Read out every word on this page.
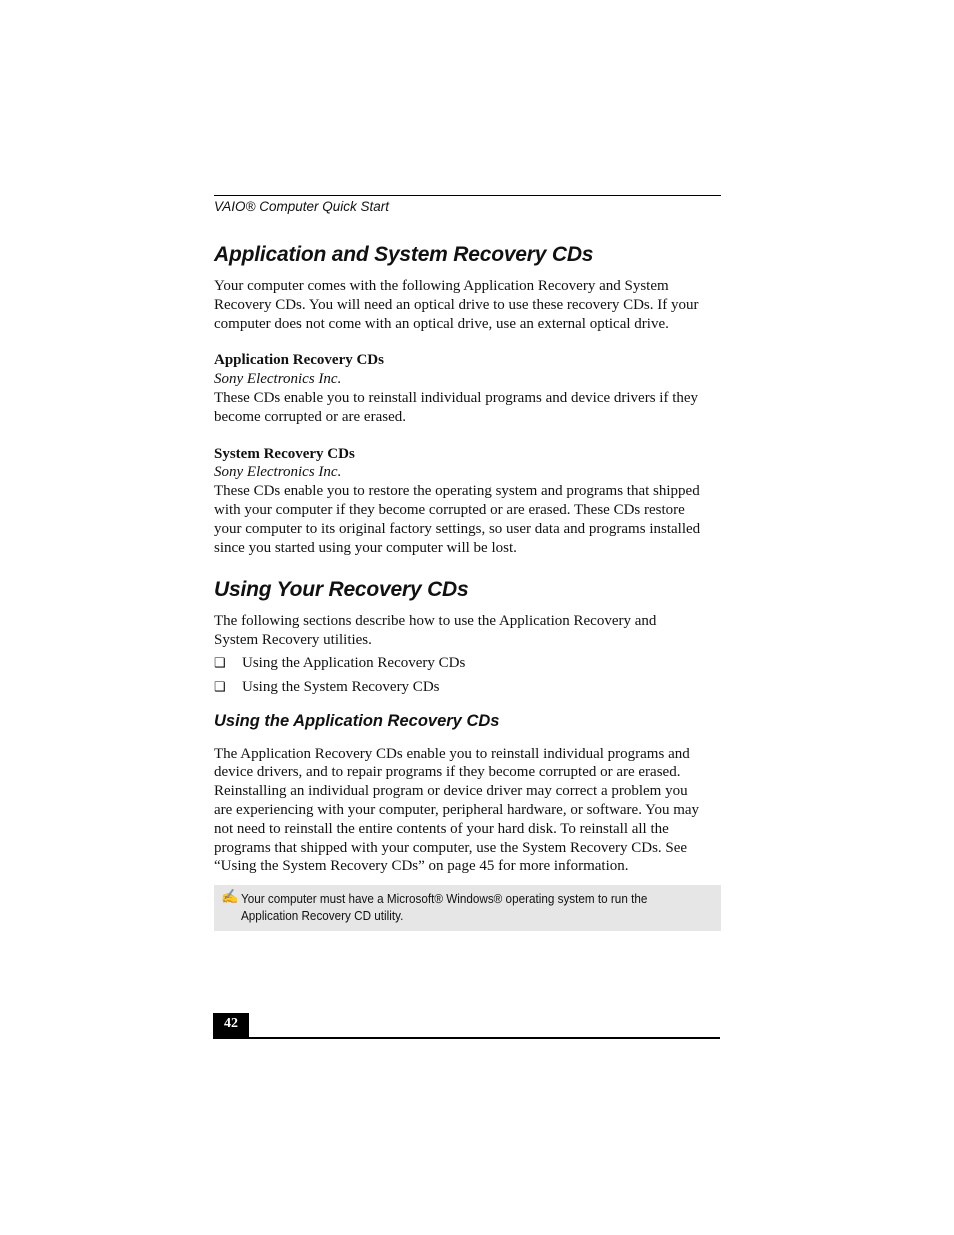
VAIO® Computer Quick Start
Application and System Recovery CDs
Your computer comes with the following Application Recovery and System
Recovery CDs. You will need an optical drive to use these recovery CDs. If your
computer does not come with an optical drive, use an external optical drive.
Application Recovery CDs
Sony Electronics Inc.
These CDs enable you to reinstall individual programs and device drivers if they
become corrupted or are erased.
System Recovery CDs
Sony Electronics Inc.
These CDs enable you to restore the operating system and programs that shipped
with your computer if they become corrupted or are erased. These CDs restore
your computer to its original factory settings, so user data and programs installed
since you started using your computer will be lost.
Using Your Recovery CDs
The following sections describe how to use the Application Recovery and
System Recovery utilities.
❑	Using the Application Recovery CDs
❑	Using the System Recovery CDs
Using the Application Recovery CDs
The Application Recovery CDs enable you to reinstall individual programs and
device drivers, and to repair programs if they become corrupted or are erased.
Reinstalling an individual program or device driver may correct a problem you
are experiencing with your computer, peripheral hardware, or software. You may
not need to reinstall the entire contents of your hard disk. To reinstall all the
programs that shipped with your computer, use the System Recovery CDs. See
“Using the System Recovery CDs” on page 45 for more information.
✍ Your computer must have a Microsoft® Windows® operating system to run the
Application Recovery CD utility.
42
